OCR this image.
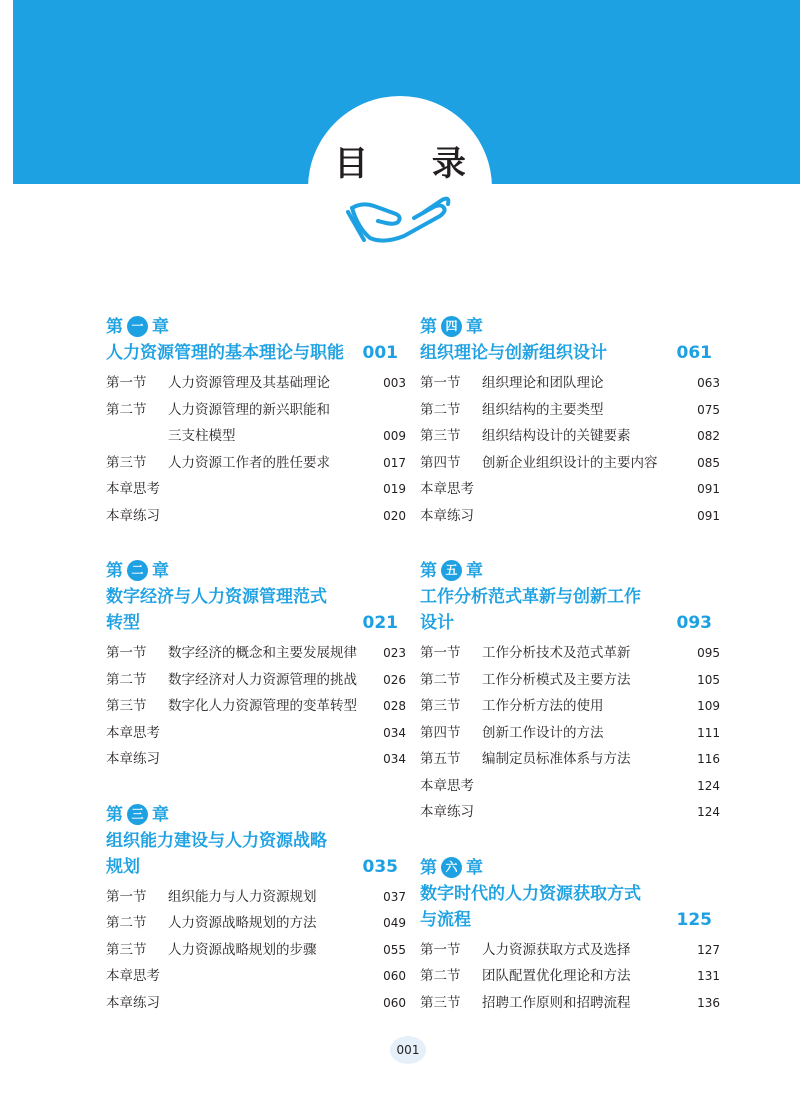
目 录
第 一 章
人力资源管理的基本理论与职能	001
第一节	人力资源管理及其基础理论	003
第二节	人力资源管理的新兴职能和
三支柱模型	009
第三节	人力资源工作者的胜任要求	017
本章思考	019
本章练习	020
第 二 章
数字经济与人力资源管理范式
转型	021
第一节	数字经济的概念和主要发展规律	023
第二节	数字经济对人力资源管理的挑战	026
第三节	数字化人力资源管理的变革转型	028
本章思考	034
本章练习	034
第 三 章
组织能力建设与人力资源战略
规划	035
第一节	组织能力与人力资源规划	037
第二节	人力资源战略规划的方法	049
第三节	人力资源战略规划的步骤	055
本章思考	060
本章练习	060
第 四 章
组织理论与创新组织设计	061
第一节	组织理论和团队理论	063
第二节	组织结构的主要类型	075
第三节	组织结构设计的关键要素	082
第四节	创新企业组织设计的主要内容	085
本章思考	091
本章练习	091
第 五 章
工作分析范式革新与创新工作
设计	093
第一节	工作分析技术及范式革新	095
第二节	工作分析模式及主要方法	105
第三节	工作分析方法的使用	109
第四节	创新工作设计的方法	111
第五节	编制定员标准体系与方法	116
本章思考	124
本章练习	124
第 六 章
数字时代的人力资源获取方式
与流程	125
第一节	人力资源获取方式及选择	127
第二节	团队配置优化理论和方法	131
第三节	招聘工作原则和招聘流程	136
001
